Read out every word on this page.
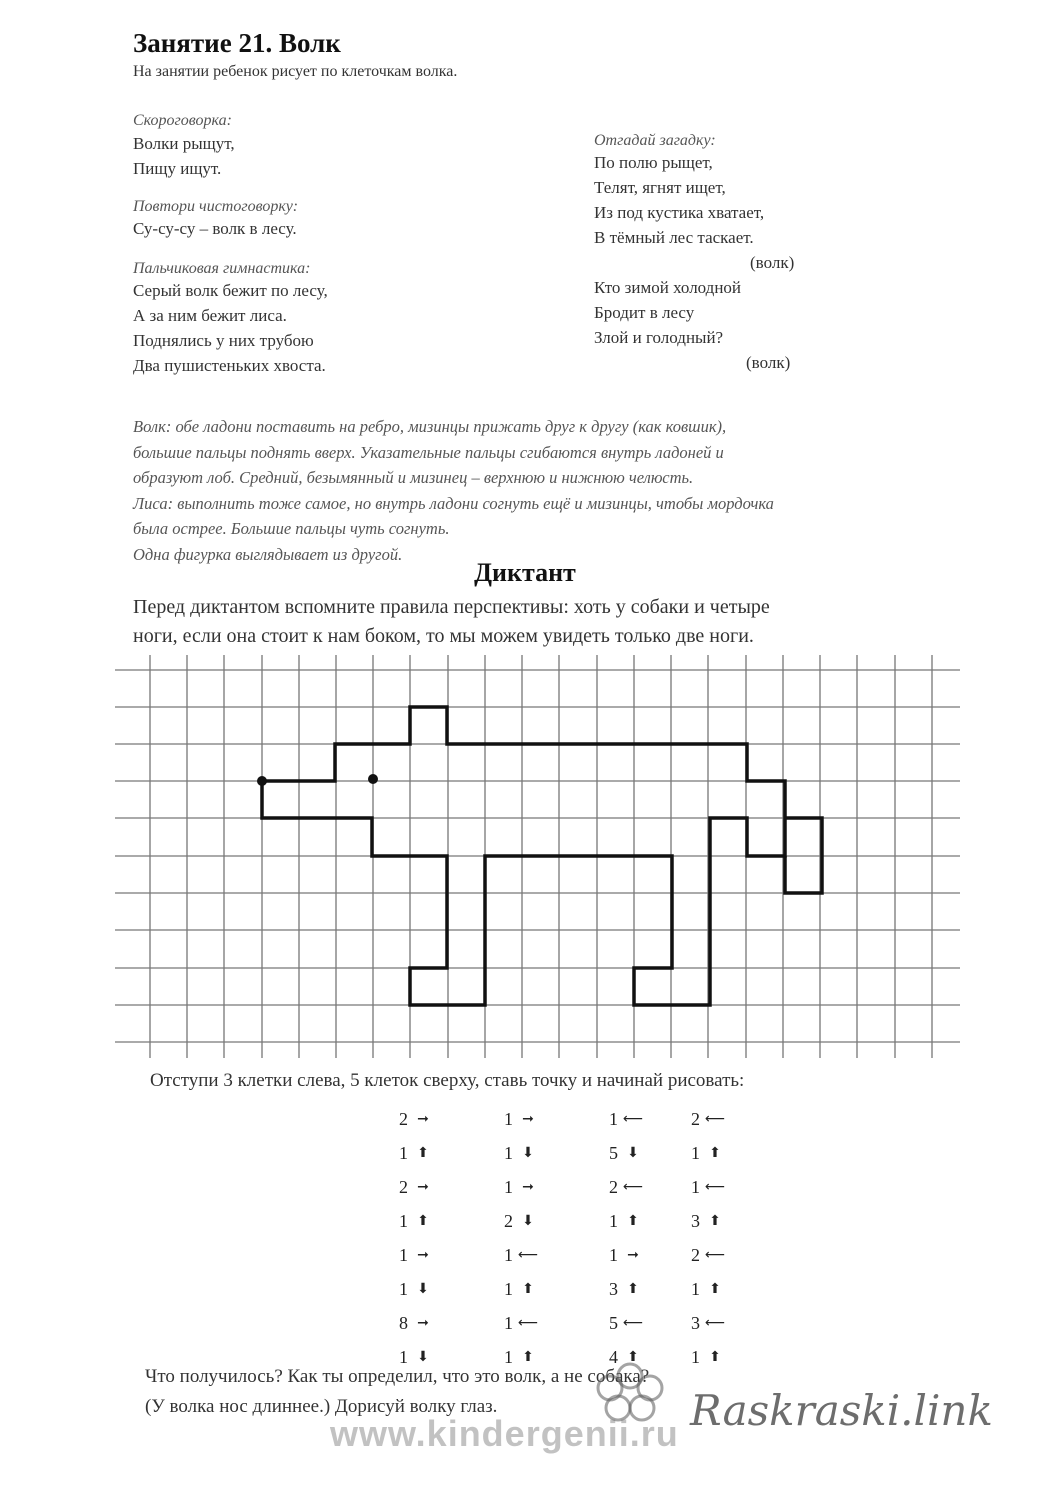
Занятие 21. Волк
На занятии ребенок рисует по клеточкам волка.
Скороговорка:
Волки рыщут,
Пищу ищут.
Повтори чистоговорку:
Су-су-су – волк в лесу.
Пальчиковая гимнастика:
Серый волк бежит по лесу,
А за ним бежит лиса.
Поднялись у них трубою
Два пушистеньких хвоста.
Отгадай загадку:
По полю рыщет,
Телят, ягнят ищет,
Из под кустика хватает,
В тёмный лес таскает.
(волк)
Кто зимой холодной
Бродит в лесу
Злой и голодный?
(волк)
Волк: обе ладони поставить на ребро, мизинцы прижать друг к другу (как ковшик),
большие пальцы поднять вверх. Указательные пальцы сгибаются внутрь ладоней и
образуют лоб. Средний, безымянный и мизинец – верхнюю и нижнюю челюсть.
Лиса: выполнить тоже самое, но внутрь ладони согнуть ещё и мизинцы, чтобы мордочка
была острее. Большие пальцы чуть согнуть.
Одна фигурка выглядывает из другой.
Диктант
Перед диктантом вспомните правила перспективы: хоть у собаки и четыре
ноги, если она стоит к нам боком, то мы можем увидеть только две ноги.
Отступи 3 клетки слева, 5 клеток сверху, ставь точку и начинай рисовать:
2 ➞
1 ⬆
2 ➞
1 ⬆
1 ➞
1 ⬇
8 ➞
1 ⬇
1 ➞
1 ⬇
1 ➞
2 ⬇
1 ⟵
1 ⬆
1 ⟵
1 ⬆
1 ⟵
5 ⬇
2 ⟵
1 ⬆
1 ➞
3 ⬆
5 ⟵
4 ⬆
2 ⟵
1 ⬆
1 ⟵
3 ⬆
2 ⟵
1 ⬆
3 ⟵
1 ⬆
Что получилось? Как ты определил, что это волк, а не собака?
(У волка нос длиннее.) Дорисуй волку глаз.
www.kindergenii.ru Raskraski.link
